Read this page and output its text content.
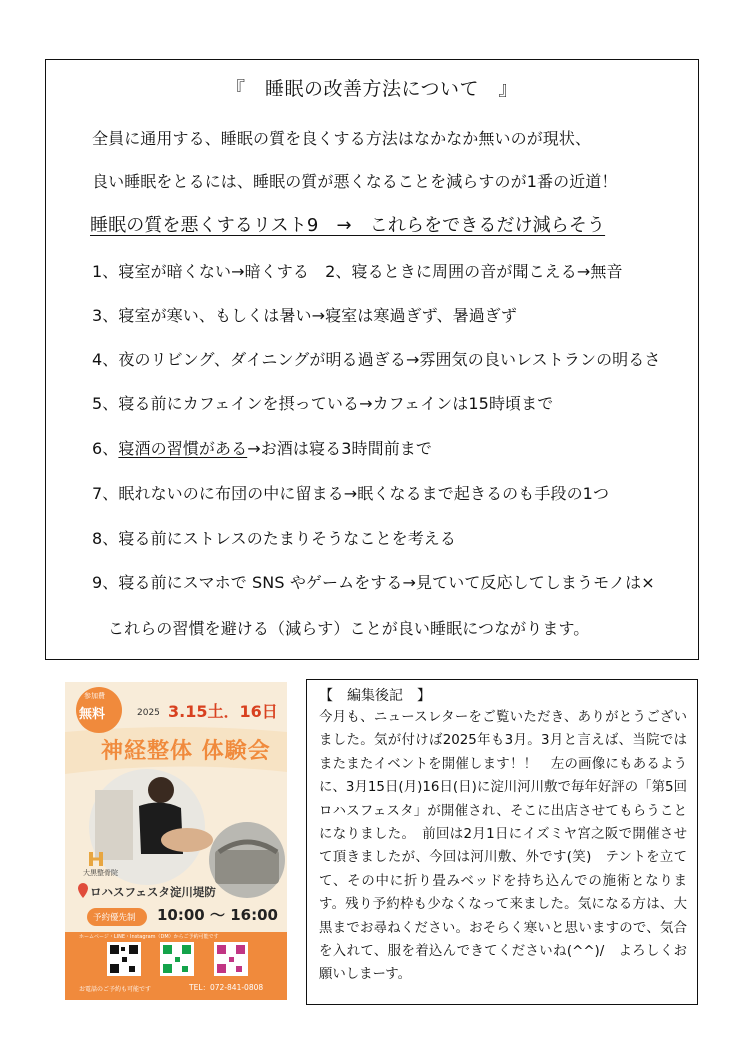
『　睡眠の改善方法について　』
全員に通用する、睡眠の質を良くする方法はなかなか無いのが現状、
良い睡眠をとるには、睡眠の質が悪くなることを減らすのが1番の近道！
睡眠の質を悪くするリスト9　→　これらをできるだけ減らそう
1、寝室が暗くない→暗くする　2、寝るときに周囲の音が聞こえる→無音
3、寝室が寒い、もしくは暑い→寝室は寒過ぎず、暑過ぎず
4、夜のリビング、ダイニングが明る過ぎる→雰囲気の良いレストランの明るさ
5、寝る前にカフェインを摂っている→カフェインは15時頃まで
6、寝酒の習慣がある→お酒は寝る3時間前まで
7、眠れないのに布団の中に留まる→眠くなるまで起きるのも手段の1つ
8、寝る前にストレスのたまりそうなことを考える
9、寝る前にスマホで SNS やゲームをする→見ていて反応してしまうモノは×
これらの習慣を避ける（減らす）ことが良い睡眠につながります。
参加費
無料	2025 3.15土．16日
神経整体 体験会
大黒整骨院
ロハスフェスタ淀川堤防
予約優先制 10:00 〜 16:00
ホームページ・LINE・Instagram（DM）からご予約可能です
お電話のご予約も可能です	TEL：072-841-0808
【　編集後記　】
今月も、ニュースレターをご覧いただき、ありがとうございました。気が付けば2025年も3月。3月と言えば、当院ではまたまたイベントを開催します！！　左の画像にもあるように、3月15日(月)16日(日)に淀川河川敷で毎年好評の「第5回ロハスフェスタ」が開催され、そこに出店させてもらうことになりました。　前回は2月1日にイズミヤ宮之阪で開催させて頂きましたが、今回は河川敷、外です(笑)　テントを立てて、その中に折り畳みベッドを持ち込んでの施術となります。残り予約枠も少なくなって来ました。気になる方は、大黒までお尋ねください。おそらく寒いと思いますので、気合を入れて、服を着込んできてくださいね(^^)/　よろしくお願いしまーす。
